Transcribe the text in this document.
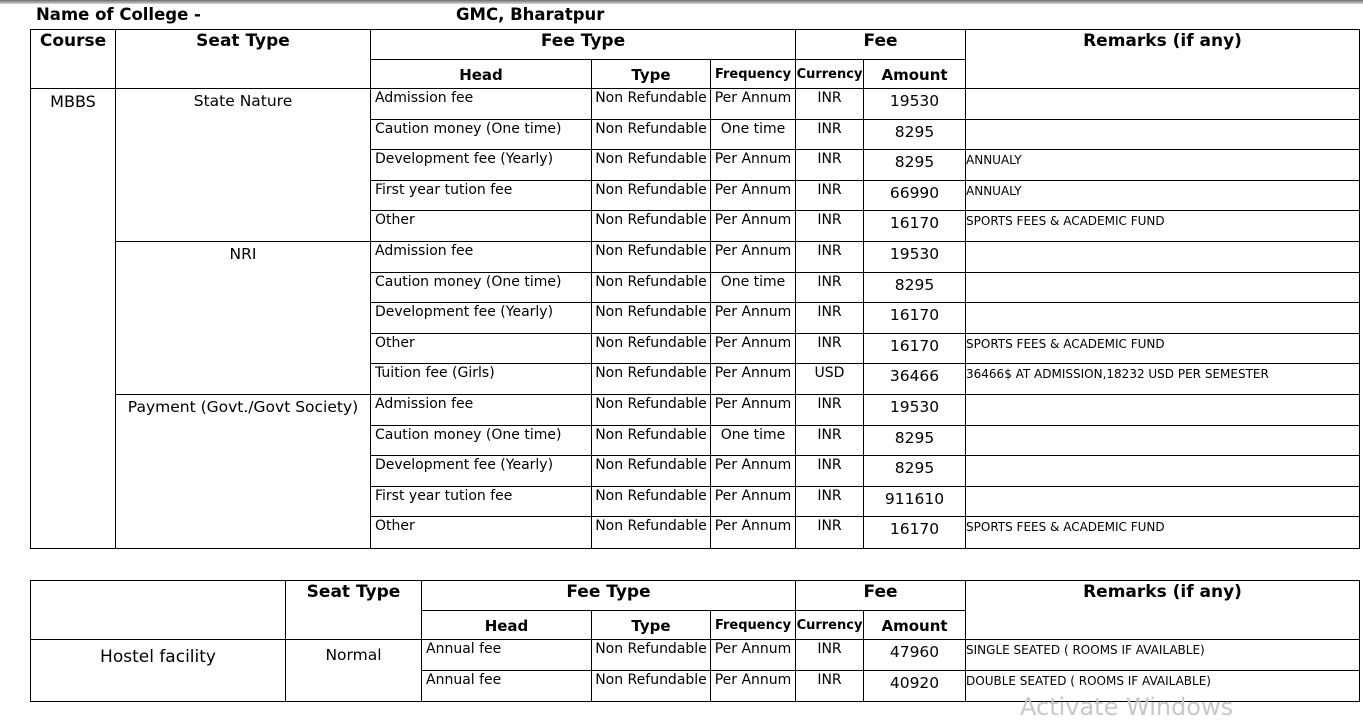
Name of College -	GMC, Bharatpur
Course	Seat Type	Fee Type			Fee		Remarks (if any)
		Head	Type	Frequency	Currency	Amount	
MBBS	State Nature	Admission fee	Non Refundable	Per Annum	INR	19530	
		Caution money (One time)	Non Refundable	One time	INR	8295	
		Development fee (Yearly)	Non Refundable	Per Annum	INR	8295	ANNUALY
		First year tution fee	Non Refundable	Per Annum	INR	66990	ANNUALY
		Other	Non Refundable	Per Annum	INR	16170	SPORTS FEES & ACADEMIC FUND
	NRI	Admission fee	Non Refundable	Per Annum	INR	19530	
		Caution money (One time)	Non Refundable	One time	INR	8295	
		Development fee (Yearly)	Non Refundable	Per Annum	INR	16170	
		Other	Non Refundable	Per Annum	INR	16170	SPORTS FEES & ACADEMIC FUND
		Tuition fee (Girls)	Non Refundable	Per Annum	USD	36466	36466$ AT ADMISSION,18232 USD PER SEMESTER
	Payment (Govt./Govt Society)	Admission fee	Non Refundable	Per Annum	INR	19530	
		Caution money (One time)	Non Refundable	One time	INR	8295	
		Development fee (Yearly)	Non Refundable	Per Annum	INR	8295	
		First year tution fee	Non Refundable	Per Annum	INR	911610	
		Other	Non Refundable	Per Annum	INR	16170	SPORTS FEES & ACADEMIC FUND
	Seat Type	Fee Type			Fee		Remarks (if any)
		Head	Type	Frequency	Currency	Amount	
Hostel facility	Normal	Annual fee	Non Refundable	Per Annum	INR	47960	SINGLE SEATED ( ROOMS IF AVAILABLE)
		Annual fee	Non Refundable	Per Annum	INR	40920	DOUBLE SEATED ( ROOMS IF AVAILABLE)
Activate Windows
